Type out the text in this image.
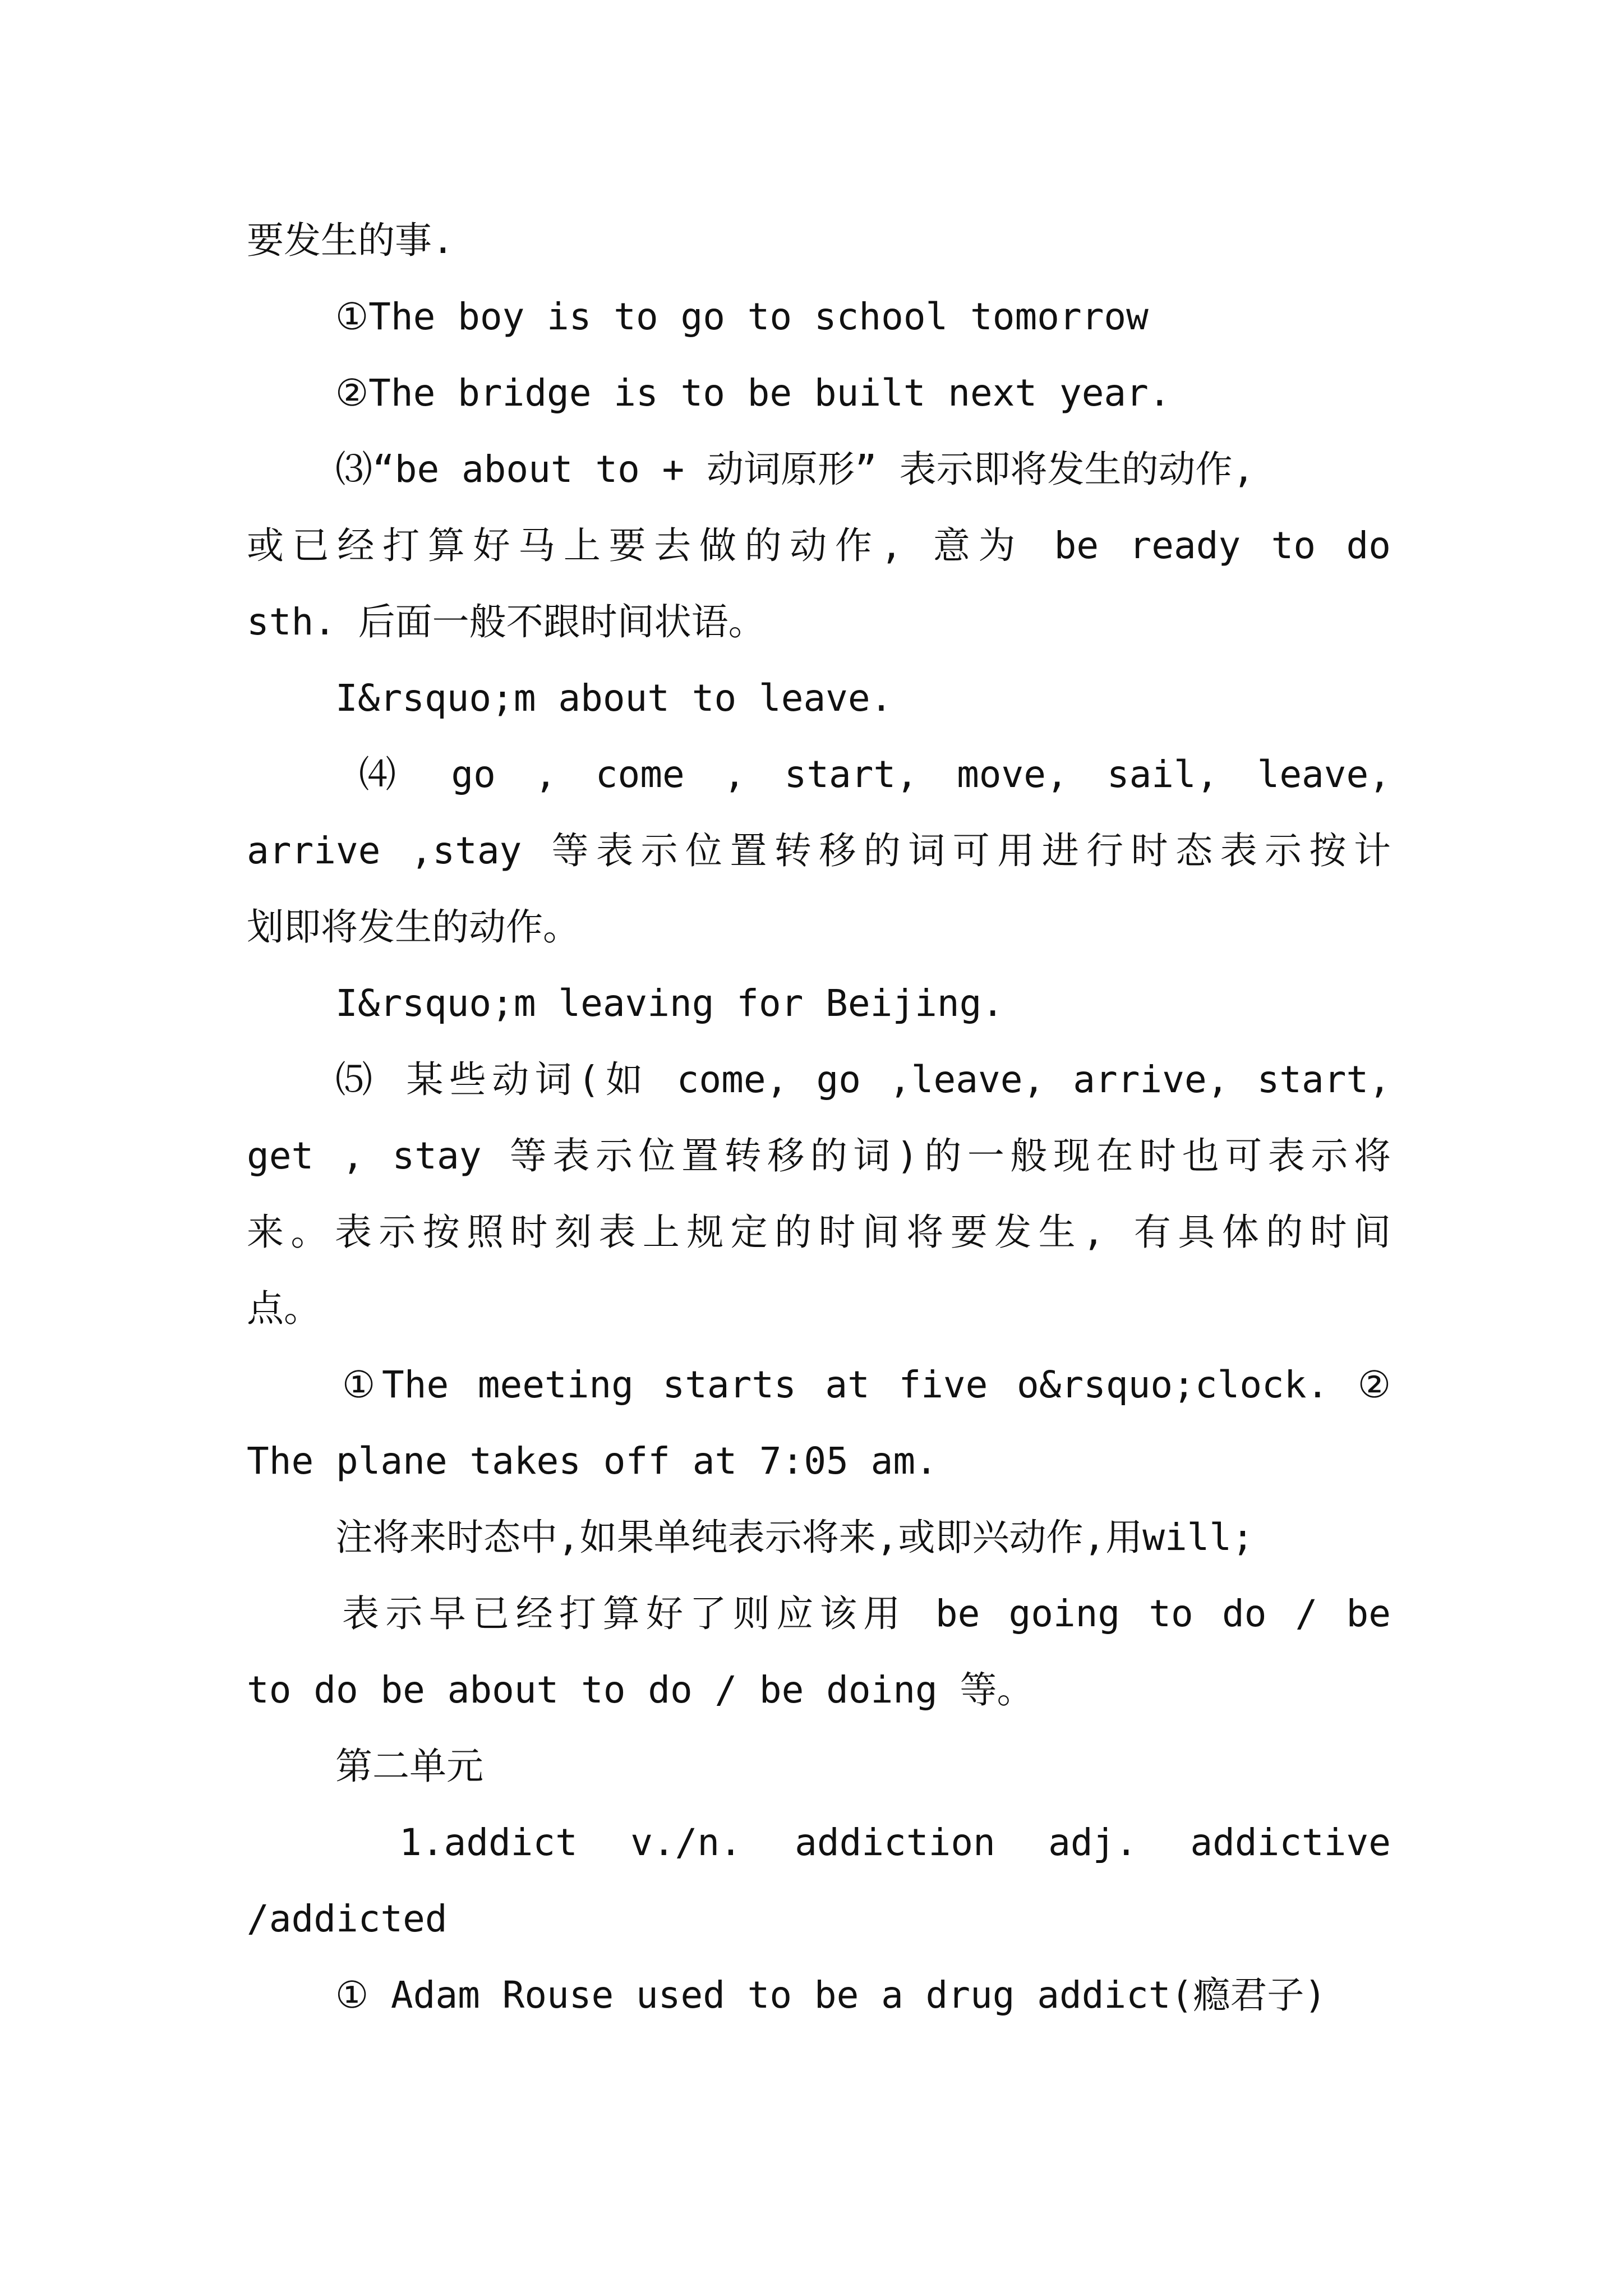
要发生的事.
①The boy is to go to school tomorrow
②The bridge is to be built next year.
⑶“be about to + 动词原形” 表示即将发生的动作,
或已经打算好马上要去做的动作, 意为 be ready to do
sth. 后面一般不跟时间状语。
I&rsquo;m about to leave.
⑷ go , come , start, move, sail, leave,
arrive ,stay 等表示位置转移的词可用进行时态表示按计
划即将发生的动作。
I&rsquo;m leaving for Beijing.
⑸ 某些动词(如 come, go ,leave, arrive, start,
get , stay 等表示位置转移的词)的一般现在时也可表示将
来。表示按照时刻表上规定的时间将要发生, 有具体的时间
点。
①The meeting starts at five o&rsquo;clock. ②
The plane takes off at 7:05 am.
注将来时态中,如果单纯表示将来,或即兴动作,用will;
表示早已经打算好了则应该用 be going to do / be
to do be about to do / be doing 等。
第二单元
1.addict v./n. addiction adj. addictive
/addicted
① Adam Rouse used to be a drug addict(瘾君子)
